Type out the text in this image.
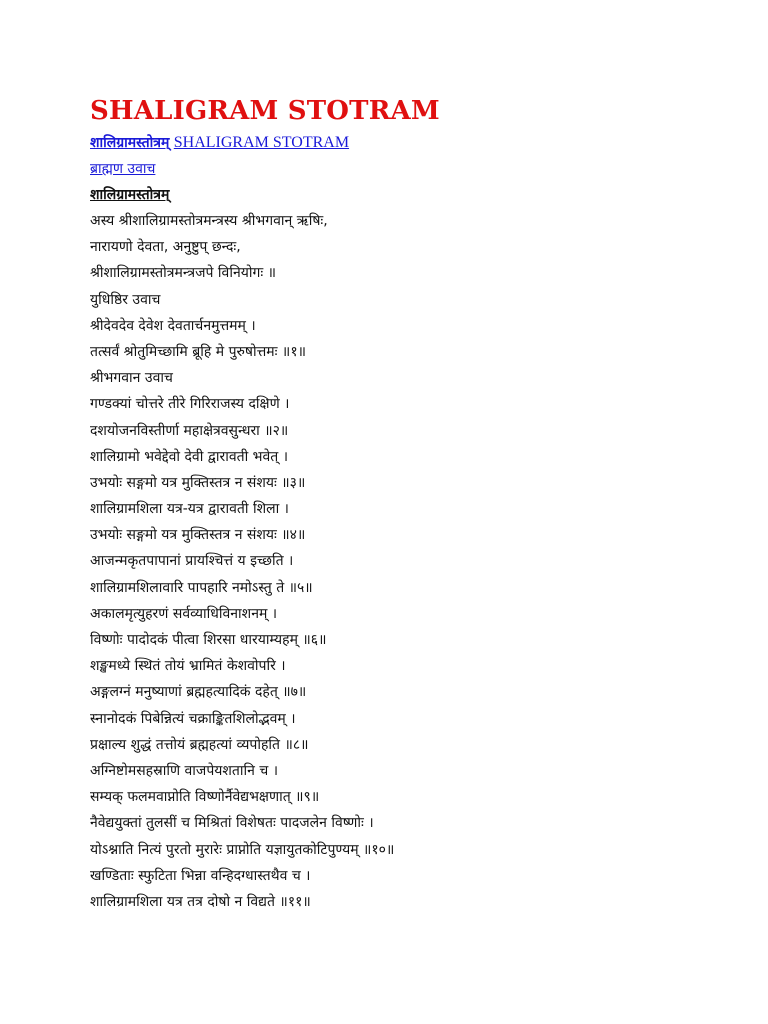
SHALIGRAM STOTRAM
शालिग्रामस्तोत्रम् SHALIGRAM STOTRAM
ब्राह्मण उवाच
शालिग्रामस्तोत्रम्
अस्य श्रीशालिग्रामस्तोत्रमन्त्रस्य श्रीभगवान् ऋषिः,
नारायणो देवता, अनुष्टुप् छन्दः,
श्रीशालिग्रामस्तोत्रमन्त्रजपे विनियोगः ॥
युधिष्ठिर उवाच
श्रीदेवदेव देवेश देवतार्चनमुत्तमम् ।
तत्सर्वं श्रोतुमिच्छामि ब्रूहि मे पुरुषोत्तमः ॥१॥
श्रीभगवान उवाच
गण्डक्यां चोत्तरे तीरे गिरिराजस्य दक्षिणे ।
दशयोजनविस्तीर्णा महाक्षेत्रवसुन्धरा ॥२॥
शालिग्रामो भवेद्देवो देवी द्वारावती भवेत् ।
उभयोः सङ्गमो यत्र मुक्तिस्तत्र न संशयः ॥३॥
शालिग्रामशिला यत्र-यत्र द्वारावती शिला ।
उभयोः सङ्गमो यत्र मुक्तिस्तत्र न संशयः ॥४॥
आजन्मकृतपापानां प्रायश्चित्तं य इच्छति ।
शालिग्रामशिलावारि पापहारि नमोऽस्तु ते ॥५॥
अकालमृत्युहरणं सर्वव्याधिविनाशनम् ।
विष्णोः पादोदकं पीत्वा शिरसा धारयाम्यहम् ॥६॥
शङ्खमध्ये स्थितं तोयं भ्रामितं केशवोपरि ।
अङ्गलग्नं मनुष्याणां ब्रह्महत्यादिकं दहेत् ॥७॥
स्नानोदकं पिबेन्नित्यं चक्राङ्कितशिलोद्भवम् ।
प्रक्षाल्य शुद्धं तत्तोयं ब्रह्महत्यां व्यपोहति ॥८॥
अग्निष्टोमसहस्राणि वाजपेयशतानि च ।
सम्यक् फलमवाप्नोति विष्णोर्नैवेद्यभक्षणात् ॥९॥
नैवेद्ययुक्तां तुलसीं च मिश्रितां विशेषतः पादजलेन विष्णोः ।
योऽश्नाति नित्यं पुरतो मुरारेः प्राप्नोति यज्ञायुतकोटिपुण्यम् ॥१०॥
खण्डिताः स्फुटिता भिन्ना वन्हिदग्धास्तथैव च ।
शालिग्रामशिला यत्र तत्र दोषो न विद्यते ॥११॥
